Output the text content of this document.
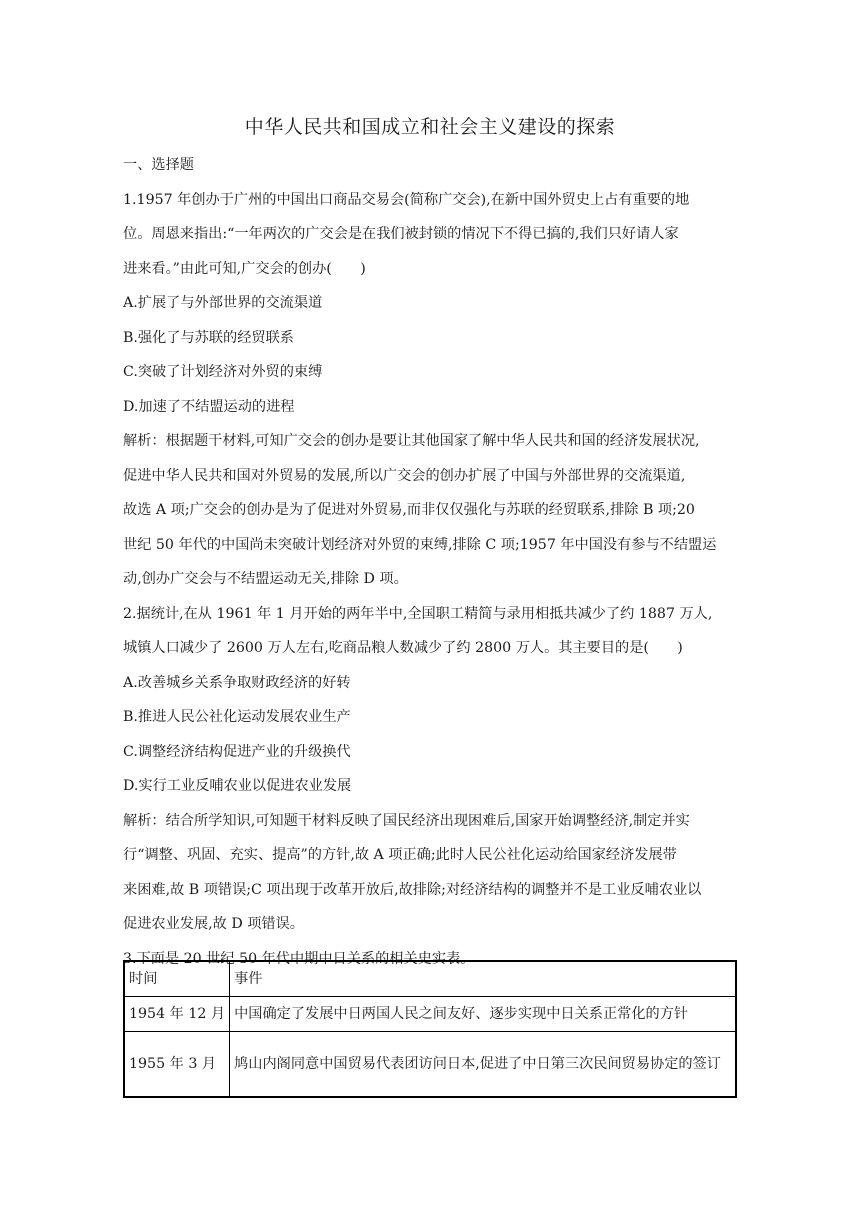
中华人民共和国成立和社会主义建设的探索
一、选择题
1.1957 年创办于广州的中国出口商品交易会(简称广交会),在新中国外贸史上占有重要的地
位。周恩来指出:“一年两次的广交会是在我们被封锁的情况下不得已搞的,我们只好请人家
进来看。”由此可知,广交会的创办(　　)
A.扩展了与外部世界的交流渠道
B.强化了与苏联的经贸联系
C.突破了计划经济对外贸的束缚
D.加速了不结盟运动的进程
解析：根据题干材料,可知广交会的创办是要让其他国家了解中华人民共和国的经济发展状况,
促进中华人民共和国对外贸易的发展,所以广交会的创办扩展了中国与外部世界的交流渠道,
故选 A 项;广交会的创办是为了促进对外贸易,而非仅仅强化与苏联的经贸联系,排除 B 项;20
世纪 50 年代的中国尚未突破计划经济对外贸的束缚,排除 C 项;1957 年中国没有参与不结盟运
动,创办广交会与不结盟运动无关,排除 D 项。
2.据统计,在从 1961 年 1 月开始的两年半中,全国职工精简与录用相抵共减少了约 1887 万人,
城镇人口减少了 2600 万人左右,吃商品粮人数减少了约 2800 万人。其主要目的是(　　)
A.改善城乡关系争取财政经济的好转
B.推进人民公社化运动发展农业生产
C.调整经济结构促进产业的升级换代
D.实行工业反哺农业以促进农业发展
解析：结合所学知识,可知题干材料反映了国民经济出现困难后,国家开始调整经济,制定并实
行“调整、巩固、充实、提高”的方针,故 A 项正确;此时人民公社化运动给国家经济发展带
来困难,故 B 项错误;C 项出现于改革开放后,故排除;对经济结构的调整并不是工业反哺农业以
促进农业发展,故 D 项错误。
3.下面是 20 世纪 50 年代中期中日关系的相关史实表。
时间	事件
1954 年 12 月	中国确定了发展中日两国人民之间友好、逐步实现中日关系正常化的方针
1955 年 3 月	鸠山内阁同意中国贸易代表团访问日本,促进了中日第三次民间贸易协定的签订
